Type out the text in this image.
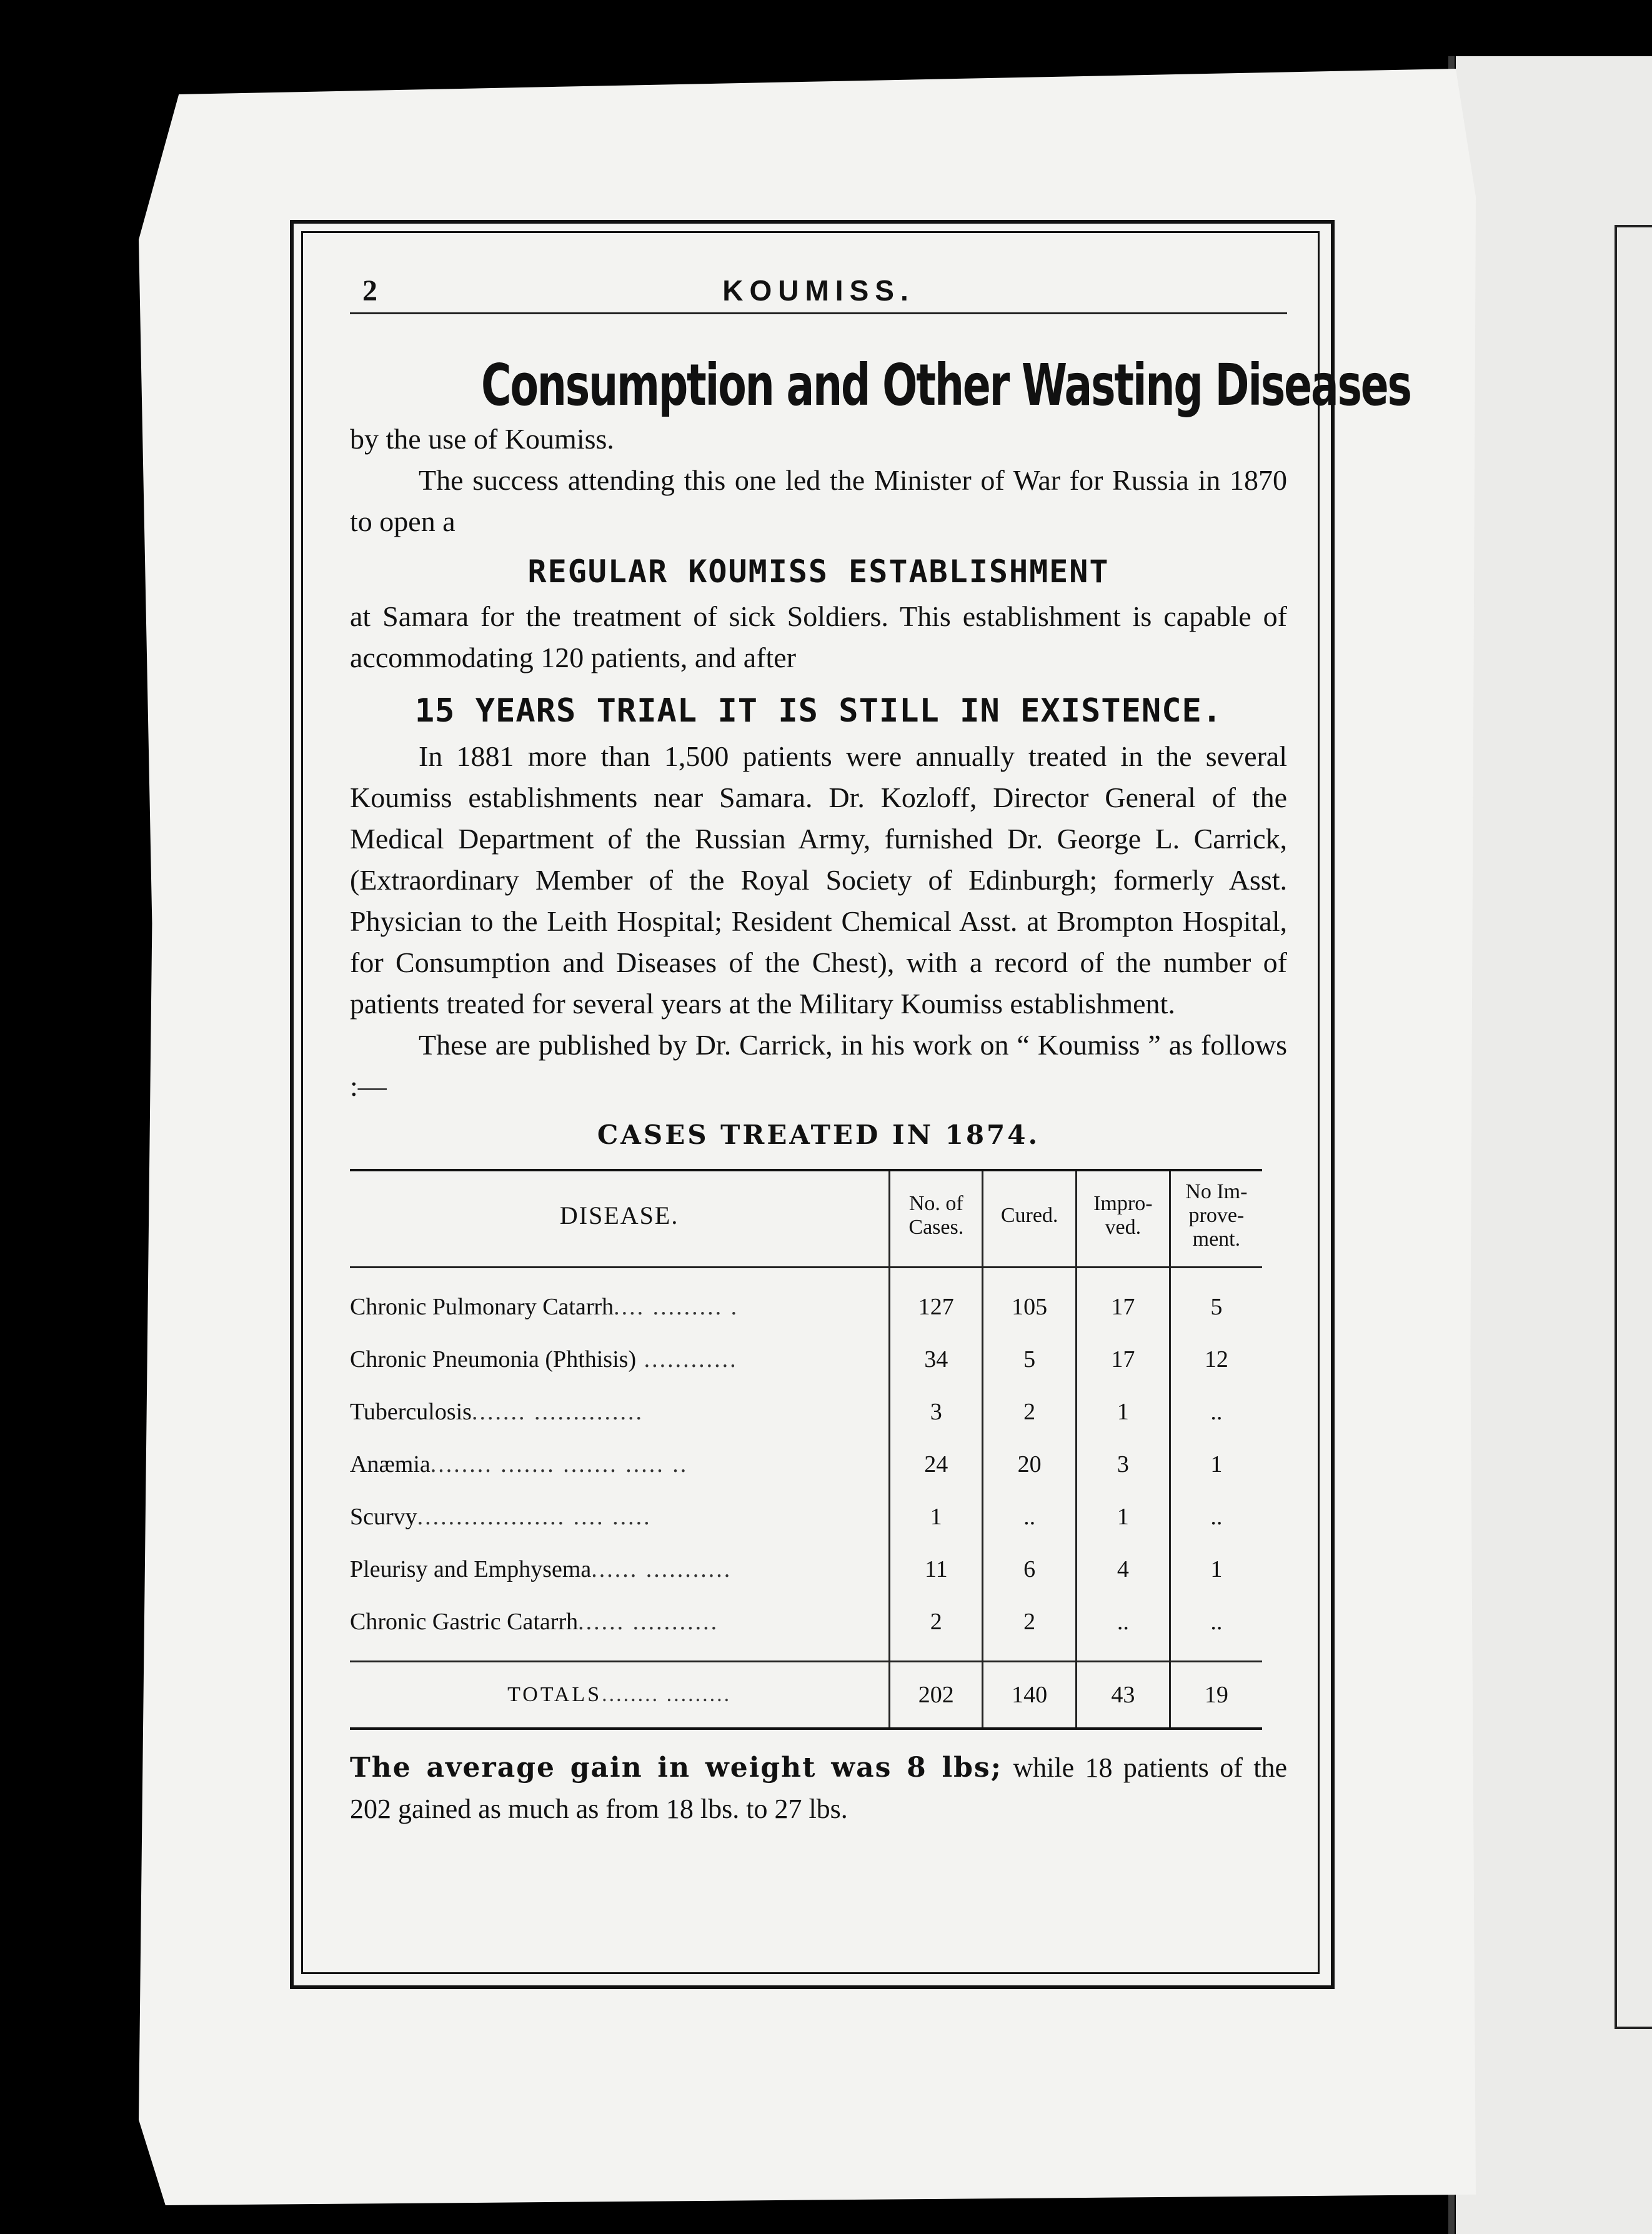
2	KOUMISS.
Consumption and Other Wasting Diseases

by the use of Koumiss.

The success attending this one led the Minister of War for Russia in 1870 to open a

REGULAR KOUMISS ESTABLISHMENT

at Samara for the treatment of sick Soldiers. This establishment is capable of accommodating 120 patients, and after

15 YEARS TRIAL IT IS STILL IN EXISTENCE.

In 1881 more than 1,500 patients were annually treated in the several Koumiss establishments near Samara. Dr. Kozloff, Director General of the Medical Department of the Russian Army, furnished Dr. George L. Carrick, (Extraordinary Member of the Royal Society of Edinburgh; formerly Asst. Physician to the Leith Hospital; Resident Chemical Asst. at Brompton Hospital, for Consumption and Diseases of the Chest), with a record of the number of patients treated for several years at the Military Koumiss establishment.

These are published by Dr. Carrick, in his work on “ Koumiss ” as follows :—

CASES TREATED IN 1874.
DISEASE.	No. of Cases.	Cured.	Impro-ved.	No Im-prove-ment.
Chronic Pulmonary Catarrh.... ......... .	127	105	17	5
Chronic Pneumonia (Phthisis) ............	34	5	17	12
Tuberculosis....... ..............	3	2	1	..
Anæmia........ ....... ....... ..... ..	24	20	3	1
Scurvy................... .... .....	1	..	1	..
Pleurisy and Emphysema...... ...........	11	6	4	1
Chronic Gastric Catarrh...... ...........	2	2	..	..
TOTALS........ .........	202	140	43	19

The average gain in weight was 8 lbs; while 18 patients of the 202 gained as much as from 18 lbs. to 27 lbs.
